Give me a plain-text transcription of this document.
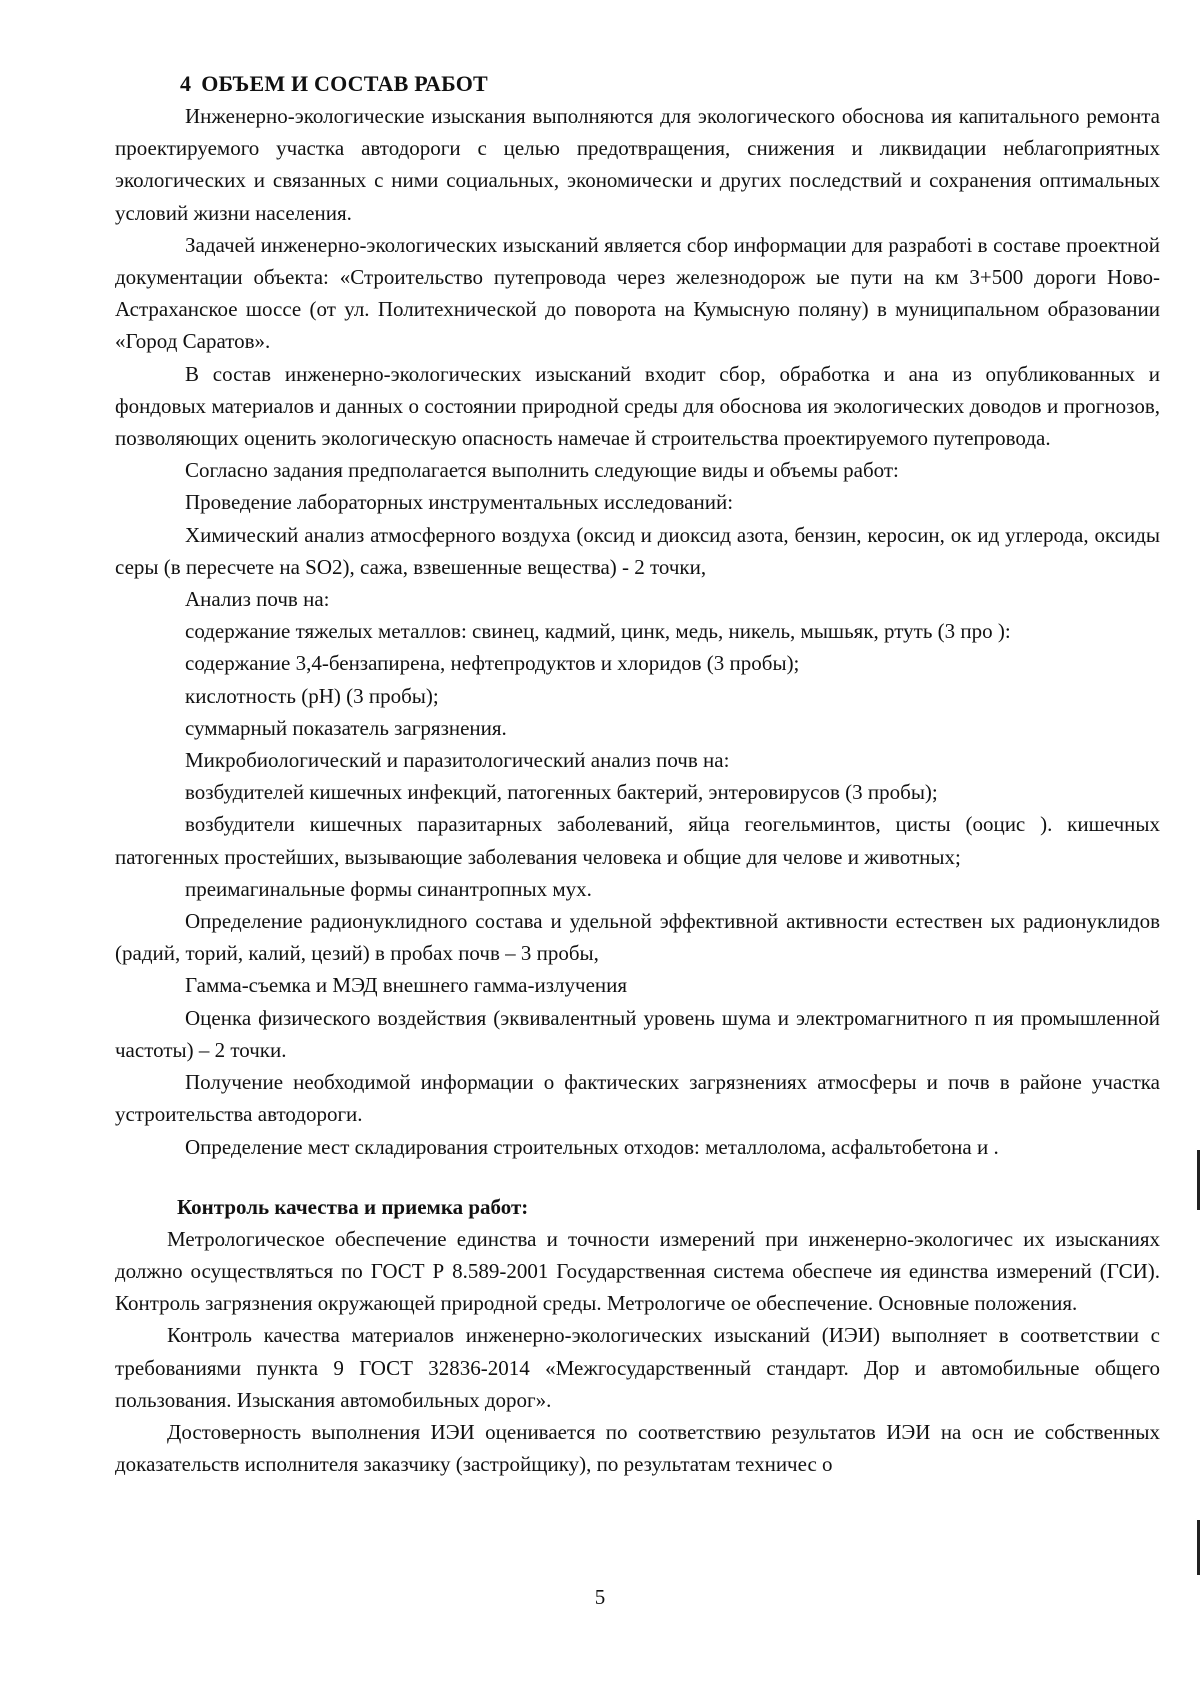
4 ОБЪЕМ И СОСТАВ РАБОТ

Инженерно-экологические изыскания выполняются для экологического обоснова ия капитального ремонта проектируемого участка автодороги с целью предотвращения, снижения и ликвидации неблагоприятных экологических и связанных с ними социальных, экономически и других последствий и сохранения оптимальных условий жизни населения.

Задачей инженерно-экологических изысканий является сбор информации для разработі в составе проектной документации объекта: «Строительство путепровода через железнодорож ые пути на км 3+500 дороги Ново-Астраханское шоссе (от ул. Политехнической до поворота на Кумысную поляну) в муниципальном образовании «Город Саратов».

В состав инженерно-экологических изысканий входит сбор, обработка и ана из опубликованных и фондовых материалов и данных о состоянии природной среды для обоснова ия экологических доводов и прогнозов, позволяющих оценить экологическую опасность намечае й строительства проектируемого путепровода.

Согласно задания предполагается выполнить следующие виды и объемы работ:

Проведение лабораторных инструментальных исследований:

Химический анализ атмосферного воздуха (оксид и диоксид азота, бензин, керосин, ок ид углерода, оксиды серы (в пересчете на SO2), сажа, взвешенные вещества) - 2 точки,

Анализ почв на:

содержание тяжелых металлов: свинец, кадмий, цинк, медь, никель, мышьяк, ртуть (3 про ):

содержание 3,4-бензапирена, нефтепродуктов и хлоридов (3 пробы);

кислотность (pH) (3 пробы);

суммарный показатель загрязнения.

Микробиологический и паразитологический анализ почв на:

возбудителей кишечных инфекций, патогенных бактерий, энтеровирусов (3 пробы);

возбудители кишечных паразитарных заболеваний, яйца геогельминтов, цисты (ооцис ). кишечных патогенных простейших, вызывающие заболевания человека и общие для челове и животных;

преимагинальные формы синантропных мух.

Определение радионуклидного состава и удельной эффективной активности естествен ых радионуклидов (радий, торий, калий, цезий) в пробах почв – 3 пробы,

Гамма-съемка и МЭД внешнего гамма-излучения

Оценка физического воздействия (эквивалентный уровень шума и электромагнитного п ия промышленной частоты) – 2 точки.

Получение необходимой информации о фактических загрязнениях атмосферы и почв в районе участка устроительства автодороги.

Определение мест складирования строительных отходов: металлолома, асфальтобетона и .

Контроль качества и приемка работ:

Метрологическое обеспечение единства и точности измерений при инженерно-экологичес их изысканиях должно осуществляться по ГОСТ Р 8.589-2001 Государственная система обеспече ия единства измерений (ГСИ). Контроль загрязнения окружающей природной среды. Метрологиче ое обеспечение. Основные положения.

Контроль качества материалов инженерно-экологических изысканий (ИЭИ) выполняет в соответствии с требованиями пункта 9 ГОСТ 32836-2014 «Межгосударственный стандарт. Дор и автомобильные общего пользования. Изыскания автомобильных дорог».

Достоверность выполнения ИЭИ оценивается по соответствию результатов ИЭИ на осн ие собственных доказательств исполнителя заказчику (застройщику), по результатам техничес о

5
